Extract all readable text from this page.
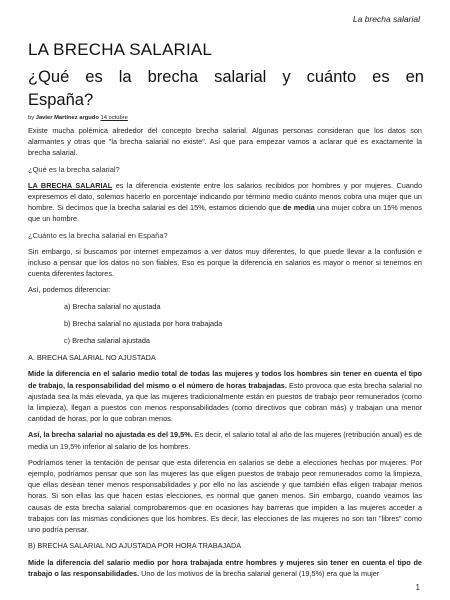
La brecha salarial
LA BRECHA SALARIAL
¿Qué es la brecha salarial y cuánto es en
España?
by Javier Martínez argudo 14 octubre

Existe mucha polémica alrededor del concepto brecha salarial. Algunas personas consideran que los datos son alarmantes y otras que "la brecha salarial no existe". Así que para empezar vamos a aclarar qué es exactamente la brecha salarial.

¿Qué es la brecha salarial?

LA BRECHA SALARIAL es la diferencia existente entre los salarios recibidos por hombres y por mujeres. Cuando expresemos el dato, solemos hacerlo en porcentaje indicando por término medio cuánto menos cobra una mujer que un hombre. Si decimos que la brecha salarial es del 15%, estamos diciendo que de media una mujer cobra un 15% menos que un hombre.

¿Cuánto es la brecha salarial en España?

Sin embargo, si buscamos por internet empezamos a ver datos muy diferentes, lo que puede llevar a la confusión e incluso a pensar que los datos no son fiables. Eso es porque la diferencia en salarios es mayor o menor si tenemos en cuenta diferentes factores.

Así, podemos diferenciar:

a) Brecha salarial no ajustada
b) Brecha salarial no ajustada por hora trabajada
c) Brecha salarial ajustada
A. BRECHA SALARIAL NO AJUSTADA

Mide la diferencia en el salario medio total de todas las mujeres y todos los hombres sin tener en cuenta el tipo de trabajo, la responsabilidad del mismo o el número de horas trabajadas. Esto provoca que esta brecha salarial no ajustada sea la más elevada, ya que las mujeres tradicionalmente están en puestos de trabajo peor remunerados (como la limpieza), llegan a puestos con menos responsabilidades (como directivos que cobran más) y trabajan una menor cantidad de horas, por lo que cobran menos.

Así, la brecha salarial no ajustada es del 19,5%. Es decir, el salario total al año de las mujeres (retribución anual) es de media un 19,5% inferior al salario de los hombres.

Podríamos tener la tentación de pensar que esta diferencia en salarios se debe a elecciones hechas por mujeres. Por ejemplo, podríamos pensar que son las mujeres las que eligen puestos de trabajo peor remunerados como la limpieza, que ellas desean tener menos responsabilidades y por ello no las asciende y que también ellas eligen trabajar menos horas. Si son ellas las que hacen estas elecciones, es normal que ganen menos. Sin embargo, cuando veamos las causas de esta brecha salarial comprobaremos que en ocasiones hay barreras que impiden a las mujeres acceder a trabajos con las mismas condiciones que los hombres. Es decir, las elecciones de las mujeres no son tan "libres" como uno podría pensar.

B) BRECHA SALARIAL NO AJUSTADA POR HORA TRABAJADA

Mide la diferencia del salario medio por hora trabajada entre hombres y mujeres sin tener en cuenta el tipo de trabajo o las responsabilidades. Uno de los motivos de la brecha salarial general (19,5%) era que la mujer

1
